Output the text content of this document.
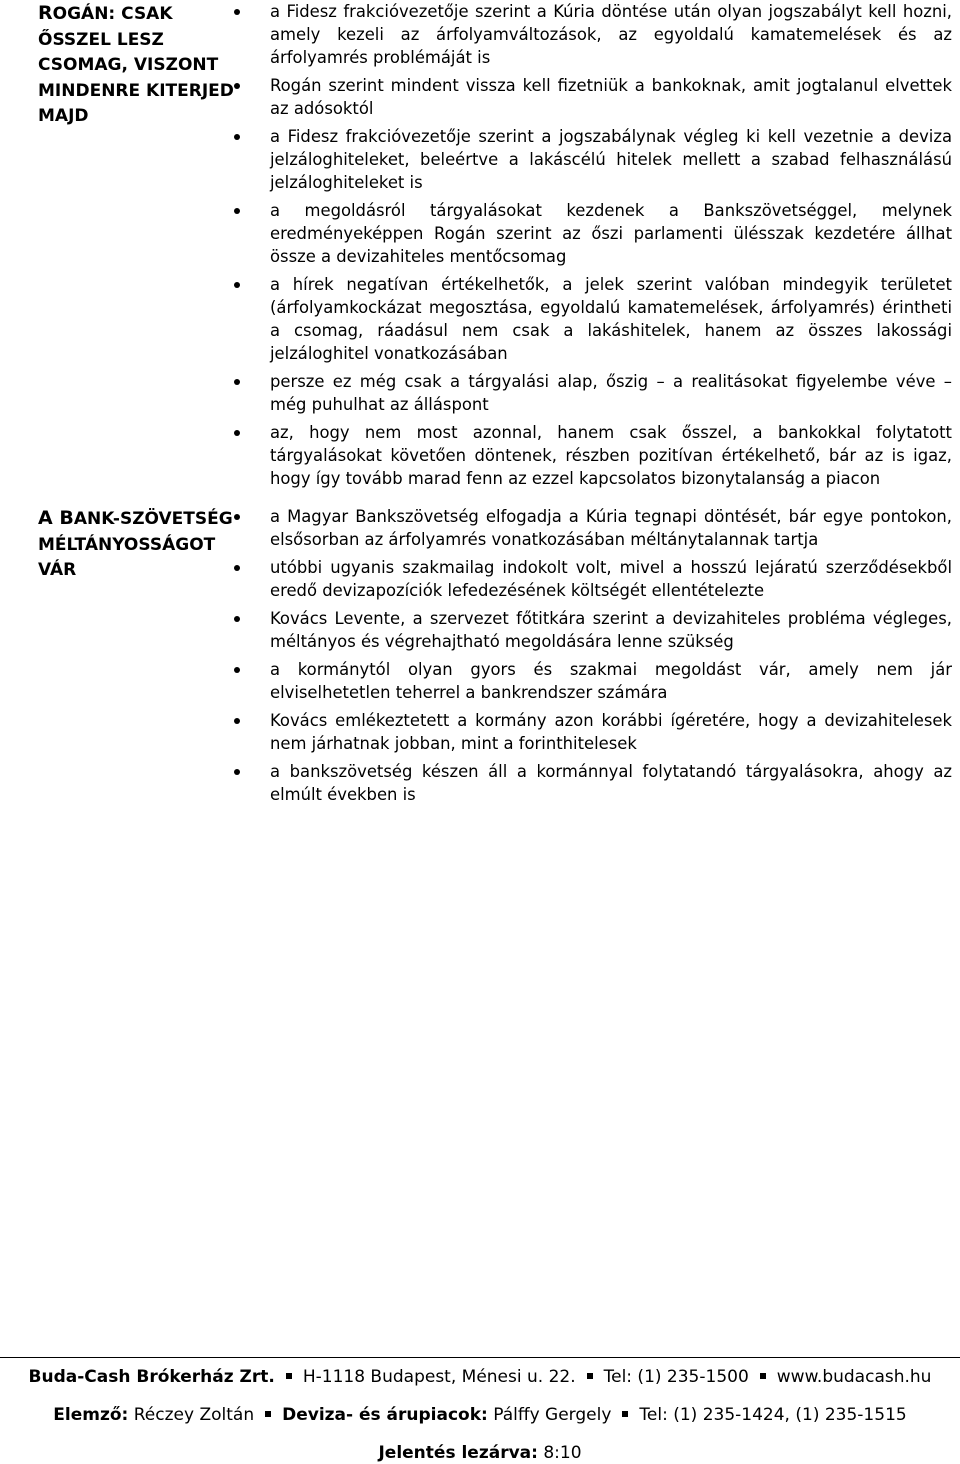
ROGÁN: CSAK ŐSSZEL LESZ CSOMAG, VISZONT MINDENRE KITERJED MAJD
a Fidesz frakcióvezetője szerint a Kúria döntése után olyan jogszabályt kell hozni, amely kezeli az árfolyamváltozások, az egyoldalú kamatemelések és az árfolyamrés problémáját is
Rogán szerint mindent vissza kell fizetniük a bankoknak, amit jogtalanul elvettek az adósoktól
a Fidesz frakcióvezetője szerint a jogszabálynak végleg ki kell vezetnie a deviza jelzáloghiteleket, beleértve a lakáscélú hitelek mellett a szabad felhasználású jelzáloghiteleket is
a megoldásról tárgyalásokat kezdenek a Bankszövetséggel, melynek eredményeképpen Rogán szerint az őszi parlamenti ülésszak kezdetére állhat össze a devizahiteles mentőcsomag
a hírek negatívan értékelhetők, a jelek szerint valóban mindegyik területet (árfolyamkockázat megosztása, egyoldalú kamatemelések, árfolyamrés) érintheti a csomag, ráadásul nem csak a lakáshitelek, hanem az összes lakossági jelzáloghitel vonatkozásában
persze ez még csak a tárgyalási alap, őszig – a realitásokat figyelembe véve – még puhulhat az álláspont
az, hogy nem most azonnal, hanem csak ősszel, a bankokkal folytatott tárgyalásokat követően döntenek, részben pozitívan értékelhető, bár az is igaz, hogy így tovább marad fenn az ezzel kapcsolatos bizonytalanság a piacon
A BANK-SZÖVETSÉG MÉLTÁNYOSSÁGOT VÁR
a Magyar Bankszövetség elfogadja a Kúria tegnapi döntését, bár egye pontokon, elsősorban az árfolyamrés vonatkozásában méltánytalannak tartja
utóbbi ugyanis szakmailag indokolt volt, mivel a hosszú lejáratú szerződésekből eredő devizapozíciók lefedezésének költségét ellentételezte
Kovács Levente, a szervezet főtitkára szerint a devizahiteles probléma végleges, méltányos és végrehajtható megoldására lenne szükség
a kormánytól olyan gyors és szakmai megoldást vár, amely nem jár elviselhetetlen teherrel a bankrendszer számára
Kovács emlékeztetett a kormány azon korábbi ígéretére, hogy a devizahitelesek nem járhatnak jobban, mint a forinthitelesek
a bankszövetség készen áll a kormánnyal folytatandó tárgyalásokra, ahogy az elmúlt években is
Buda-Cash Brókerház Zrt. H-1118 Budapest, Ménesi u. 22. Tel: (1) 235-1500 www.budacash.hu
Elemző: Réczey Zoltán Deviza- és árupiacok: Pálffy Gergely Tel: (1) 235-1424, (1) 235-1515
Jelentés lezárva: 8:10
